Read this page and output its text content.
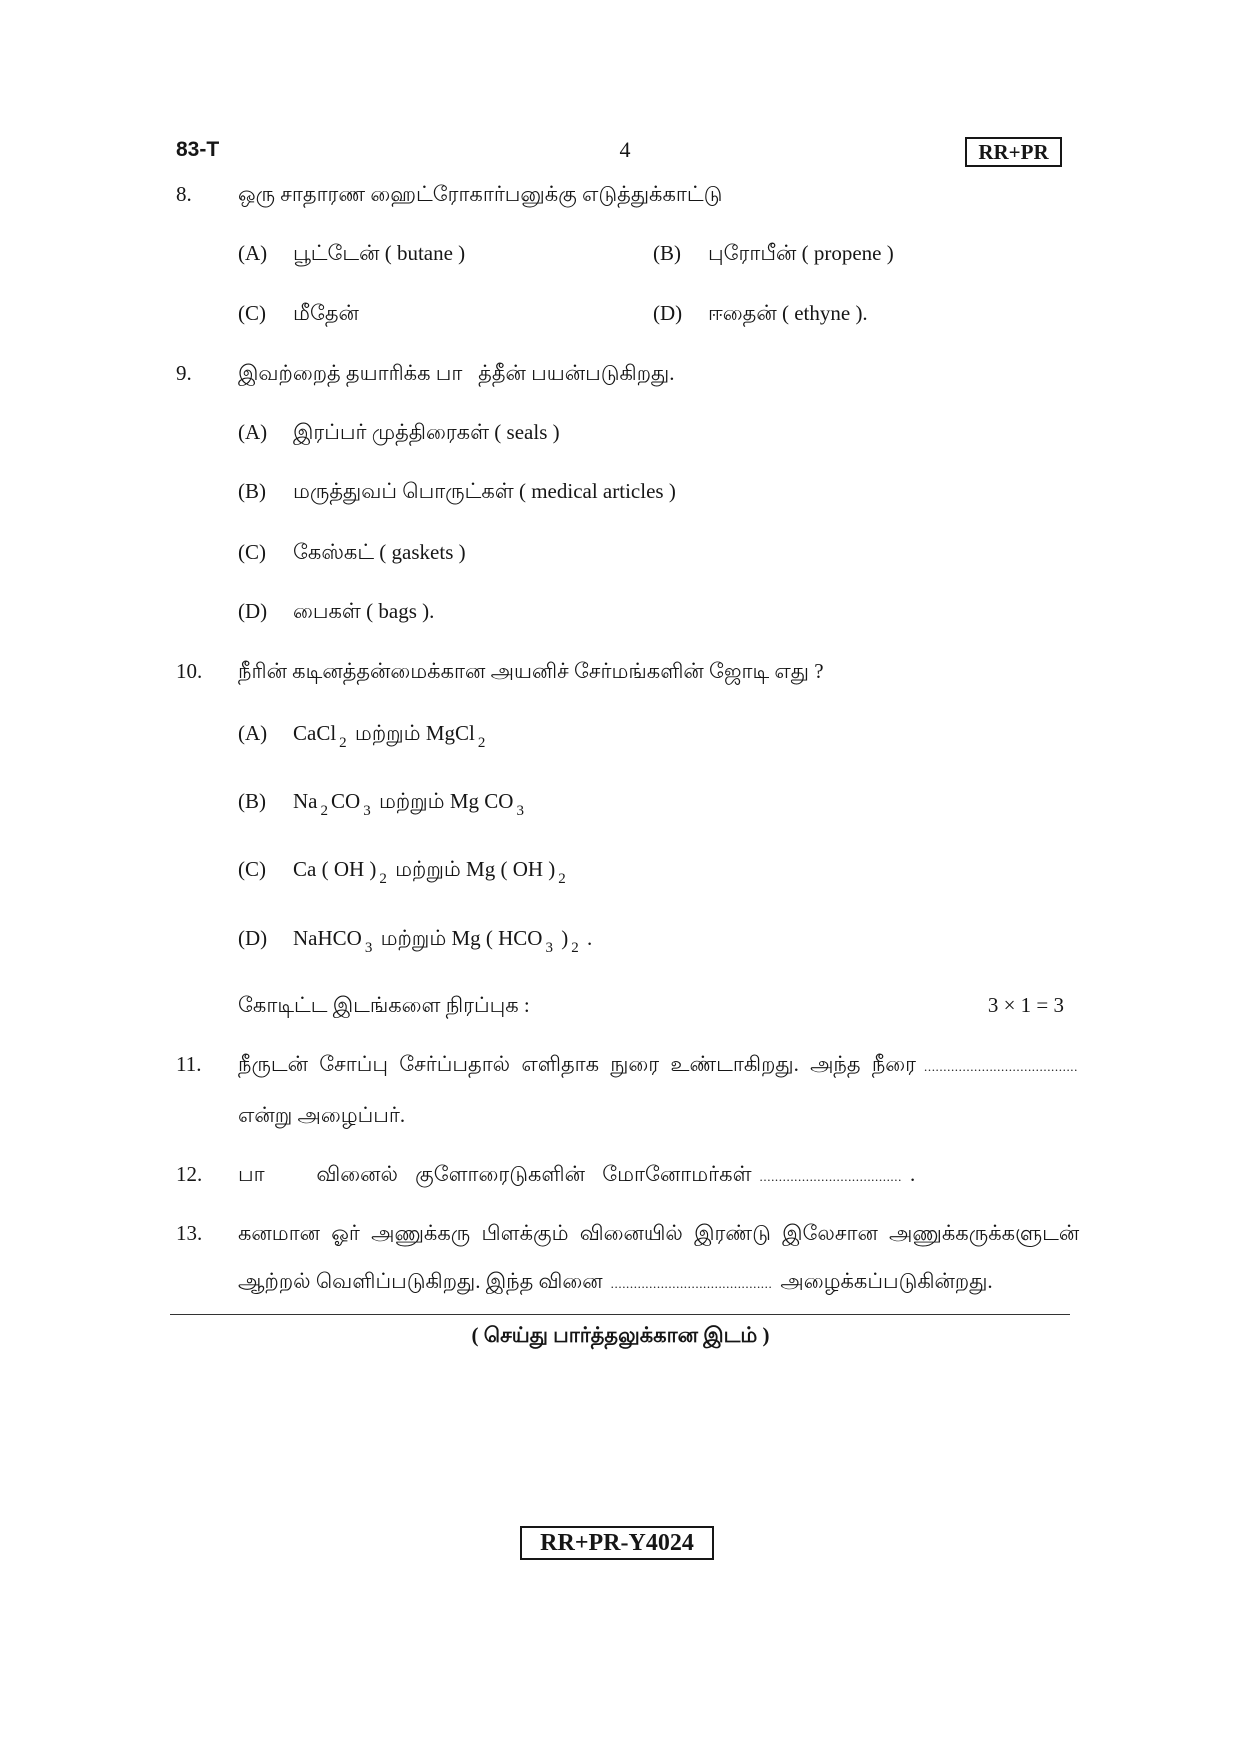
83-T	4	RR+PR
8. ஒரு சாதாரண ஹைட்ரோகார்பனுக்கு எடுத்துக்காட்டு
(A) பூட்டேன் ( butane )	(B) புரோபீன் ( propene )
(C) மீதேன்	(D) ஈதைன் ( ethyne ).
9. இவற்றைத் தயாரிக்க பா   த்தீன் பயன்படுகிறது.
(A) இரப்பர் முத்திரைகள் ( seals )
(B) மருத்துவப் பொருட்கள் ( medical articles )
(C) கேஸ்கட் ( gaskets )
(D) பைகள் ( bags ).
10. நீரின் கடினத்தன்மைக்கான அயனிச் சேர்மங்களின் ஜோடி எது ?
(A) CaCl $_2$ மற்றும் MgCl $_2$
(B) Na $_2$ CO $_3$ மற்றும் Mg CO $_3$
(C) Ca ( OH ) $_2$ மற்றும் Mg ( OH ) $_2$
(D) NaHCO $_3$ மற்றும் Mg ( HCO $_3$ ) $_2$ .
கோடிட்ட இடங்களை நிரப்புக :	3 × 1 = 3
11. நீருடன் சோப்பு சேர்ப்பதால் எளிதாக நுரை உண்டாகிறது. அந்த நீரை ........................................
என்று அழைப்பர்.
12. பா   வினைல் குளோரைடுகளின் மோனோமர்கள் ..................................... .
13. கனமான ஓர் அணுக்கரு பிளக்கும் வினையில் இரண்டு இலேசான அணுக்கருக்களுடன்
ஆற்றல் வெளிப்படுகிறது. இந்த வினை .......................................... அழைக்கப்படுகின்றது.
( செய்து பார்த்தலுக்கான இடம் )
RR+PR-Y4024
